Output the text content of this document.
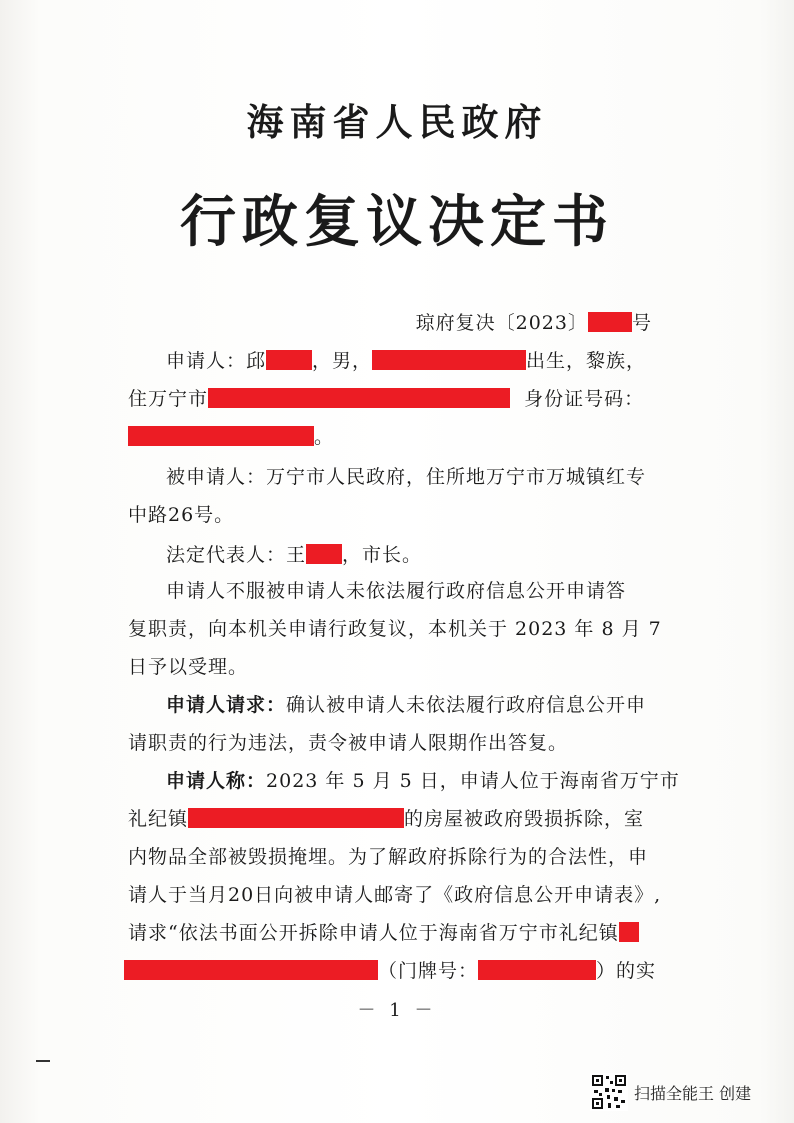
海南省人民政府
行政复议决定书
琼府复决〔2023〕 号
申请人：邱 ，男，	出生，黎族，
住万宁市	身份证号码：
。
被申请人：万宁市人民政府，住所地万宁市万城镇红专
中路26号。
法定代表人：王 ，市长。
申请人不服被申请人未依法履行政府信息公开申请答
复职责，向本机关申请行政复议，本机关于 2023 年 8 月 7
日予以受理。
申请人请求：确认被申请人未依法履行政府信息公开申
请职责的行为违法，责令被申请人限期作出答复。
申请人称：2023 年 5 月 5 日，申请人位于海南省万宁市
礼纪镇	的房屋被政府毁损拆除，室
内物品全部被毁损掩埋。为了解政府拆除行为的合法性，申
请人于当月20日向被申请人邮寄了《政府信息公开申请表》,
请求“依法书面公开拆除申请人位于海南省万宁市礼纪镇
（门牌号：	）的实
－ 1 －
扫描全能王 创建
